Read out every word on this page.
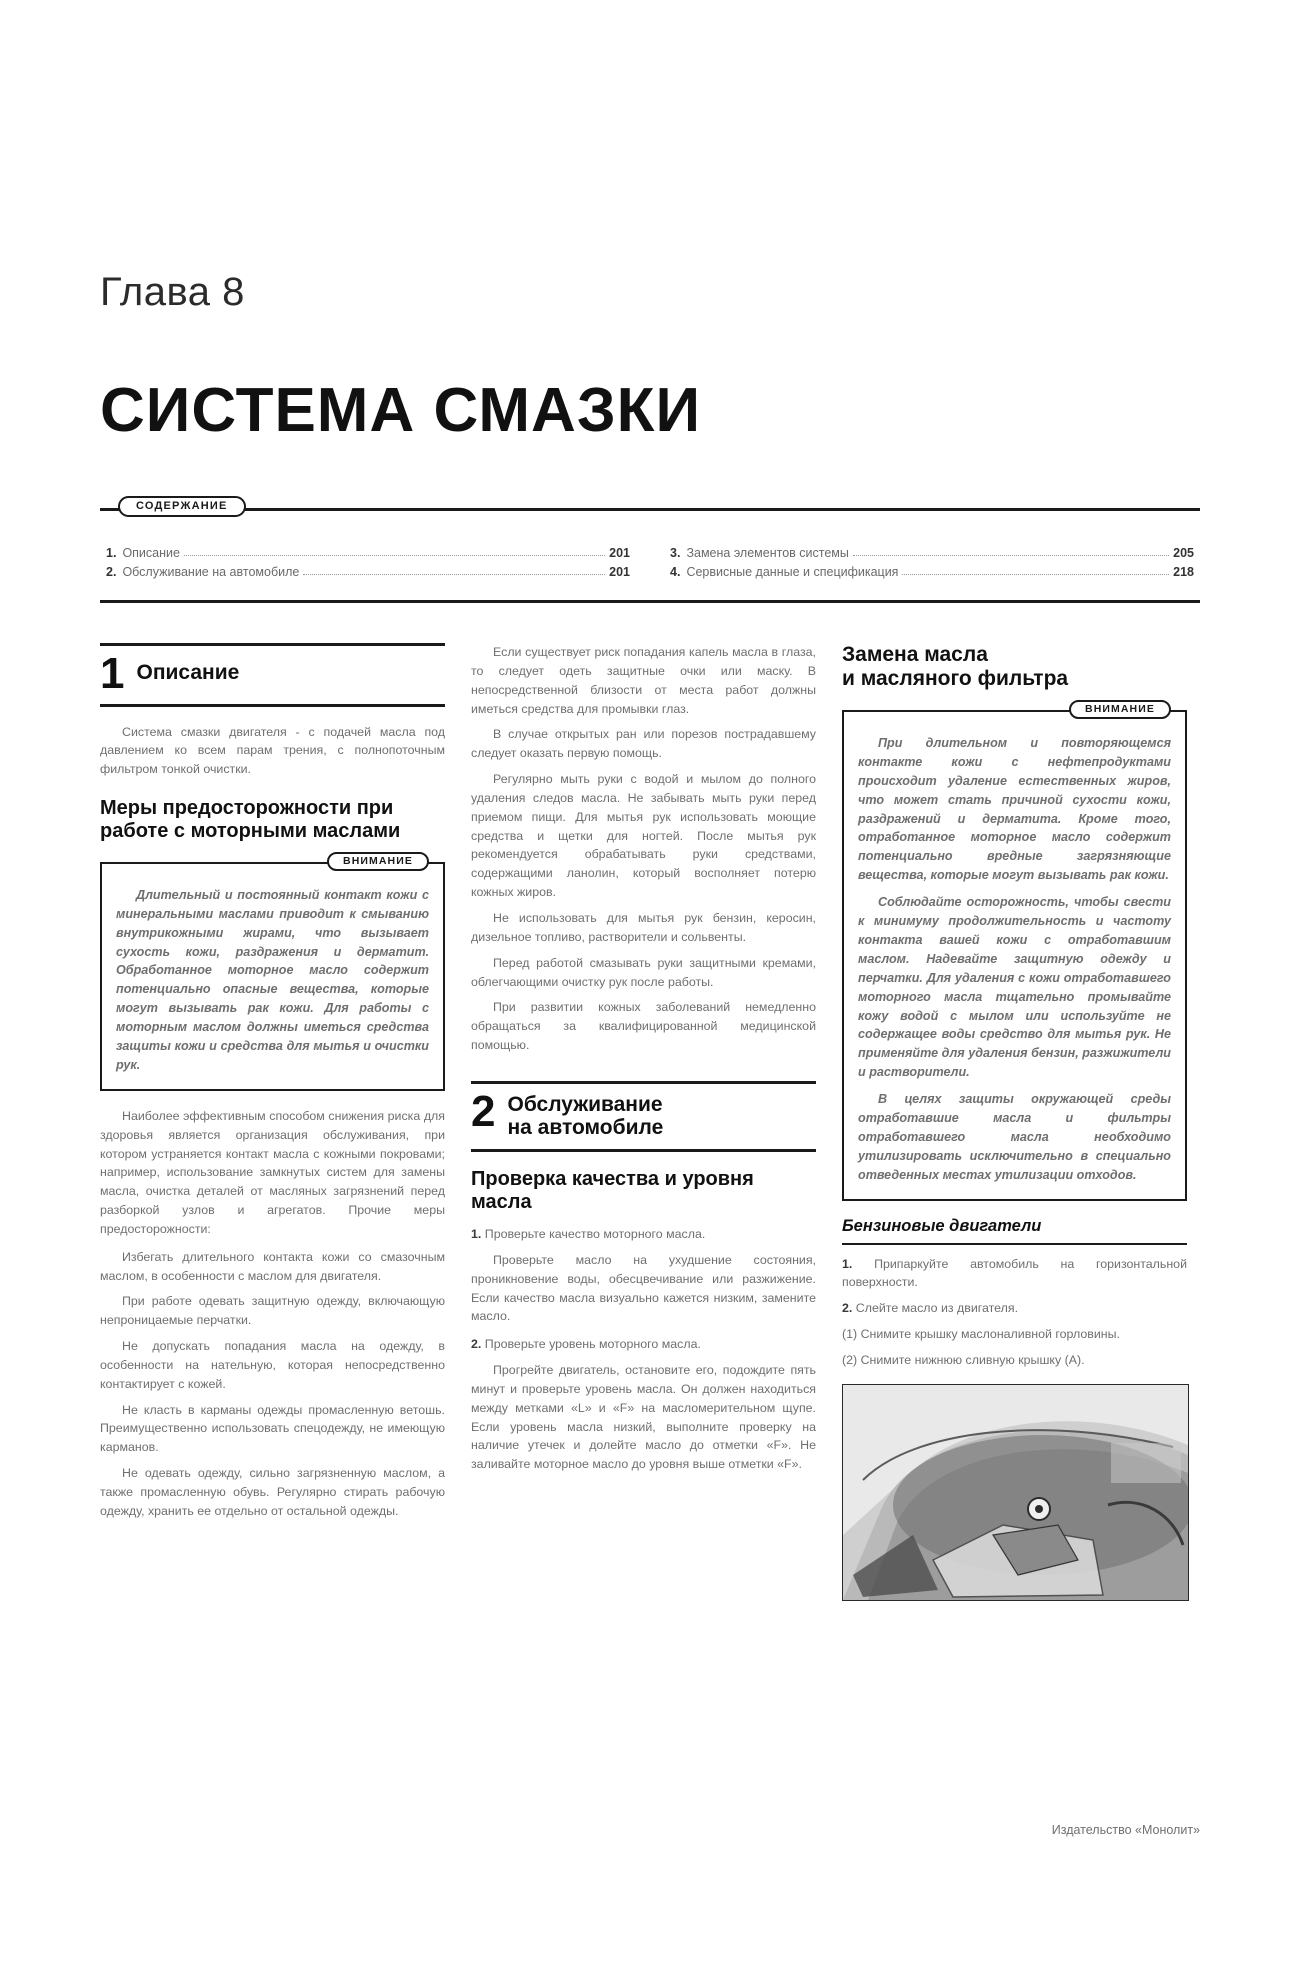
Глава 8
СИСТЕМА СМАЗКИ
СОДЕРЖАНИЕ
1. Описание	201
2. Обслуживание на автомобиле	201
3. Замена элементов системы	205
4. Сервисные данные и спецификация	218
1 Описание

Система смазки двигателя - с подачей масла под давлением ко всем парам трения, с полнопоточным фильтром тонкой очистки.

Меры предосторожности при работе с моторными маслами
ВНИМАНИЕ

Длительный и постоянный контакт кожи с минеральными маслами приводит к смыванию внутрикожными жирами, что вызывает сухость кожи, раздражения и дерматит. Обработанное моторное масло содержит потенциально опасные вещества, которые могут вызывать рак кожи. Для работы с моторным маслом должны иметься средства защиты кожи и средства для мытья и очистки рук.

Наиболее эффективным способом снижения риска для здоровья является организация обслуживания, при котором устраняется контакт масла с кожными покровами; например, использование замкнутых систем для замены масла, очистка деталей от масляных загрязнений перед разборкой узлов и агрегатов. Прочие меры предосторожности:

Избегать длительного контакта кожи со смазочным маслом, в особенности с маслом для двигателя.

При работе одевать защитную одежду, включающую непроницаемые перчатки.

Не допускать попадания масла на одежду, в особенности на нательную, которая непосредственно контактирует с кожей.

Не класть в карманы одежды промасленную ветошь. Преимущественно использовать спецодежду, не имеющую карманов.

Не одевать одежду, сильно загрязненную маслом, а также промасленную обувь. Регулярно стирать рабочую одежду, хранить ее отдельно от остальной одежды.

Если существует риск попадания капель масла в глаза, то следует одеть защитные очки или маску. В непосредственной близости от места работ должны иметься средства для промывки глаз.

В случае открытых ран или порезов пострадавшему следует оказать первую помощь.

Регулярно мыть руки с водой и мылом до полного удаления следов масла. Не забывать мыть руки перед приемом пищи. Для мытья рук использовать моющие средства и щетки для ногтей. После мытья рук рекомендуется обрабатывать руки средствами, содержащими ланолин, который восполняет потерю кожных жиров.

Не использовать для мытья рук бензин, керосин, дизельное топливо, растворители и сольвенты.

Перед работой смазывать руки защитными кремами, облегчающими очистку рук после работы.

При развитии кожных заболеваний немедленно обращаться за квалифицированной медицинской помощью.

2 Обслуживание
на автомобиле
Проверка качества и уровня масла

1. Проверьте качество моторного масла.

Проверьте масло на ухудшение состояния, проникновение воды, обесцвечивание или разжижение. Если качество масла визуально кажется низким, замените масло.

2. Проверьте уровень моторного масла.

Прогрейте двигатель, остановите его, подождите пять минут и проверьте уровень масла. Он должен находиться между метками «L» и «F» на масломерительном щупе. Если уровень масла низкий, выполните проверку на наличие утечек и долейте масло до отметки «F». Не заливайте моторное масло до уровня выше отметки «F».

Замена масла
и масляного фильтра
ВНИМАНИЕ

При длительном и повторяющемся контакте кожи с нефтепродуктами происходит удаление естественных жиров, что может стать причиной сухости кожи, раздражений и дерматита. Кроме того, отработанное моторное масло содержит потенциально вредные загрязняющие вещества, которые могут вызывать рак кожи.

Соблюдайте осторожность, чтобы свести к минимуму продолжительность и частоту контакта вашей кожи с отработавшим маслом. Надевайте защитную одежду и перчатки. Для удаления с кожи отработавшего моторного масла тщательно промывайте кожу водой с мылом или используйте не содержащее воды средство для мытья рук. Не применяйте для удаления бензин, разжижители и растворители.

В целях защиты окружающей среды отработавшие масла и фильтры отработавшего масла необходимо утилизировать исключительно в специально отведенных местах утилизации отходов.

Бензиновые двигатели

1. Припаркуйте автомобиль на горизонтальной поверхности.

2. Слейте масло из двигателя.

(1) Снимите крышку маслоналивной горловины.

(2) Снимите нижнюю сливную крышку (A).

Издательство «Монолит»
